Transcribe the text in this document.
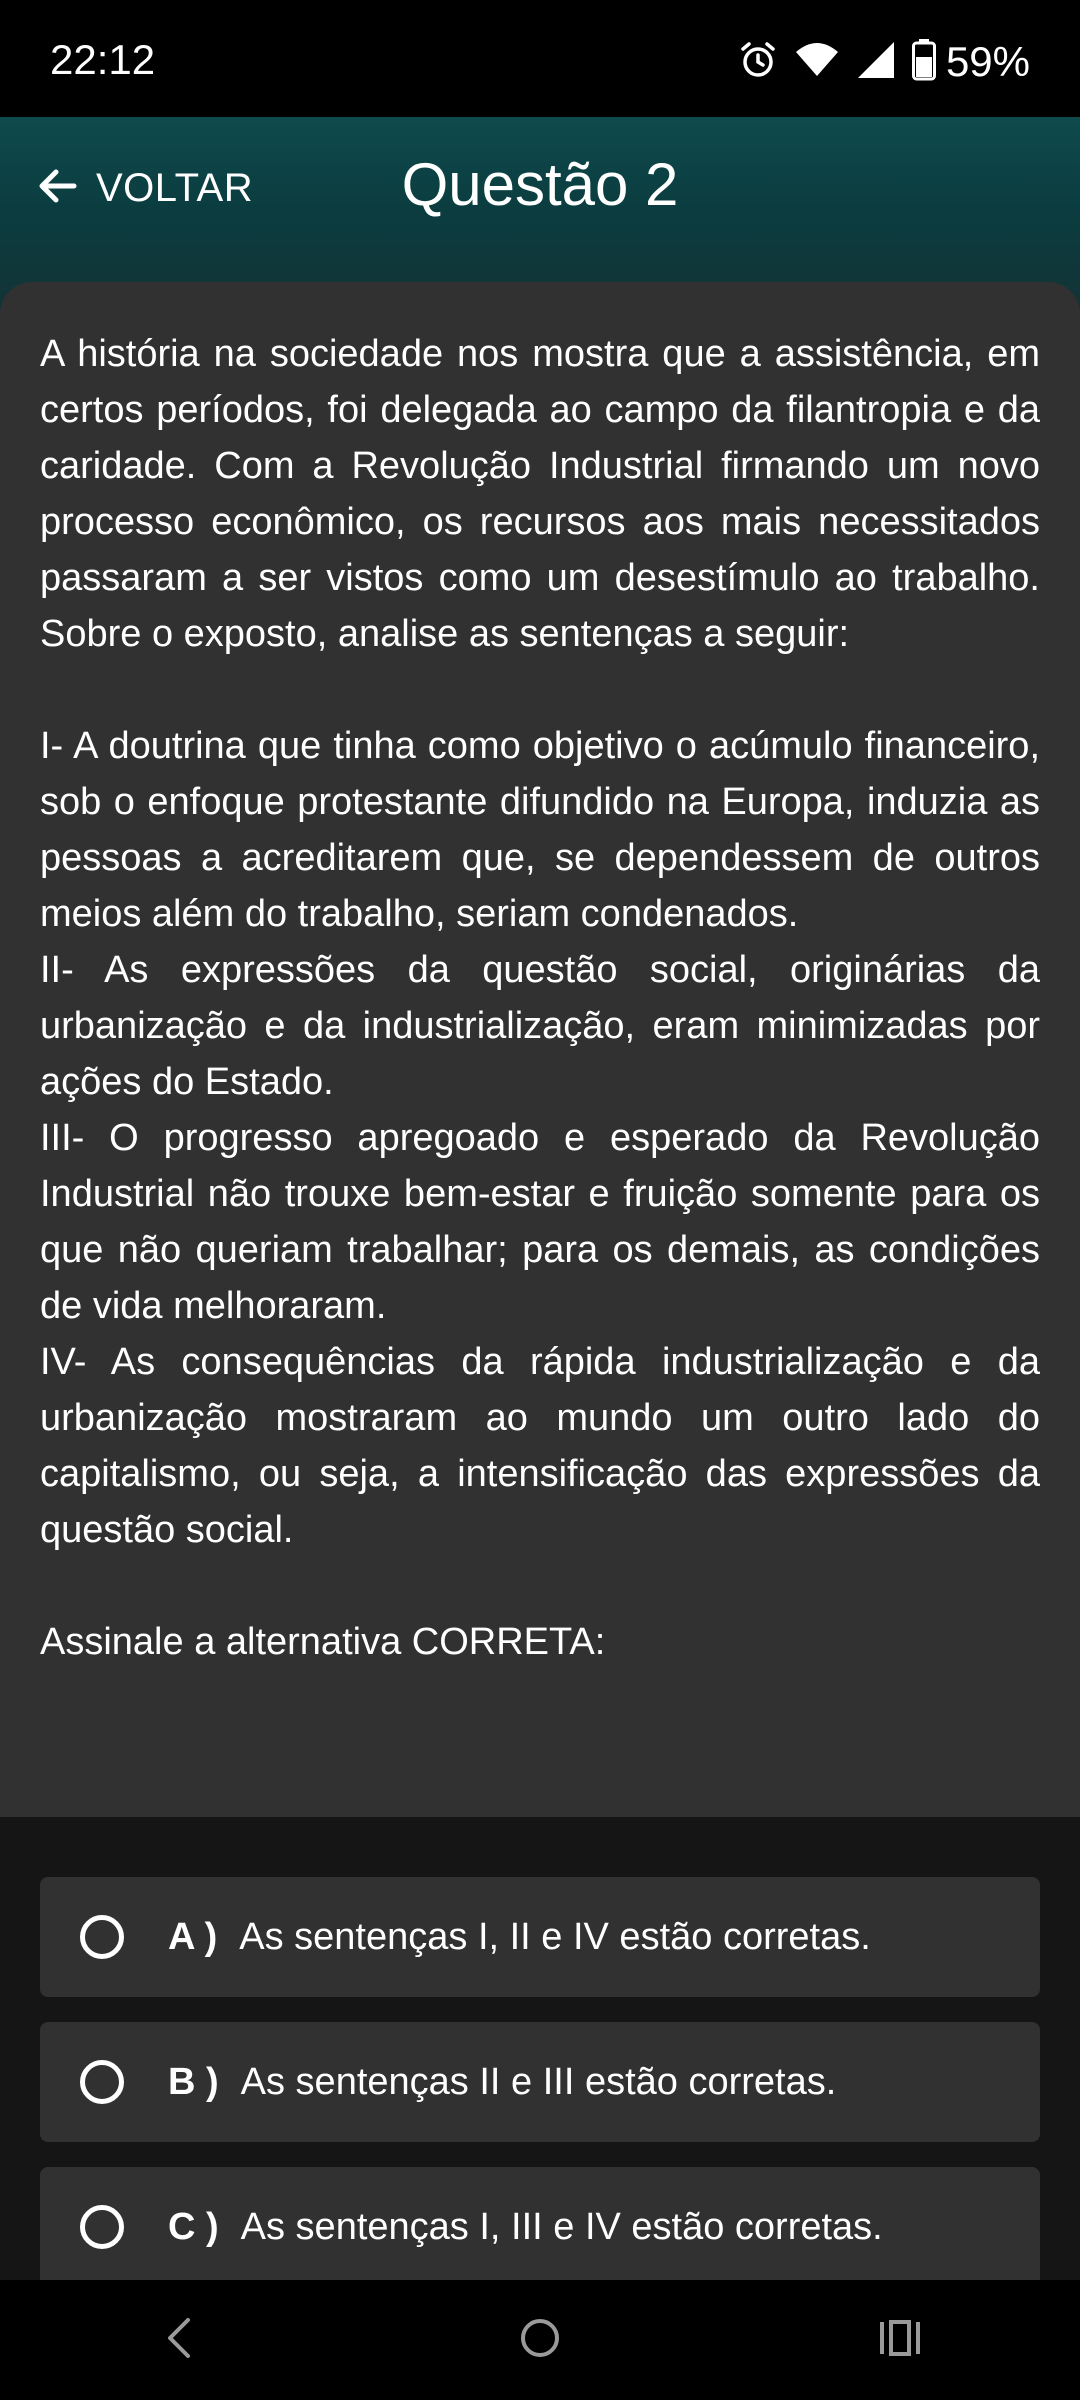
22:12	59%
VOLTAR	Questão 2

A história na sociedade nos mostra que a assistência, em certos períodos, foi delegada ao campo da filantropia e da caridade. Com a Revolução Industrial firmando um novo processo econômico, os recursos aos mais necessitados passaram a ser vistos como um desestímulo ao trabalho. Sobre o exposto, analise as sentenças a seguir:

I- A doutrina que tinha como objetivo o acúmulo financeiro, sob o enfoque protestante difundido na Europa, induzia as pessoas a acreditarem que, se dependessem de outros meios além do trabalho, seriam condenados.

II- As expressões da questão social, originárias da urbanização e da industrialização, eram minimizadas por ações do Estado.

III- O progresso apregoado e esperado da Revolução Industrial não trouxe bem-estar e fruição somente para os que não queriam trabalhar; para os demais, as condições de vida melhoraram.

IV- As consequências da rápida industrialização e da urbanização mostraram ao mundo um outro lado do capitalismo, ou seja, a intensificação das expressões da questão social.

Assinale a alternativa CORRETA:

A ) As sentenças I, II e IV estão corretas.
B ) As sentenças II e III estão corretas.
C ) As sentenças I, III e IV estão corretas.
